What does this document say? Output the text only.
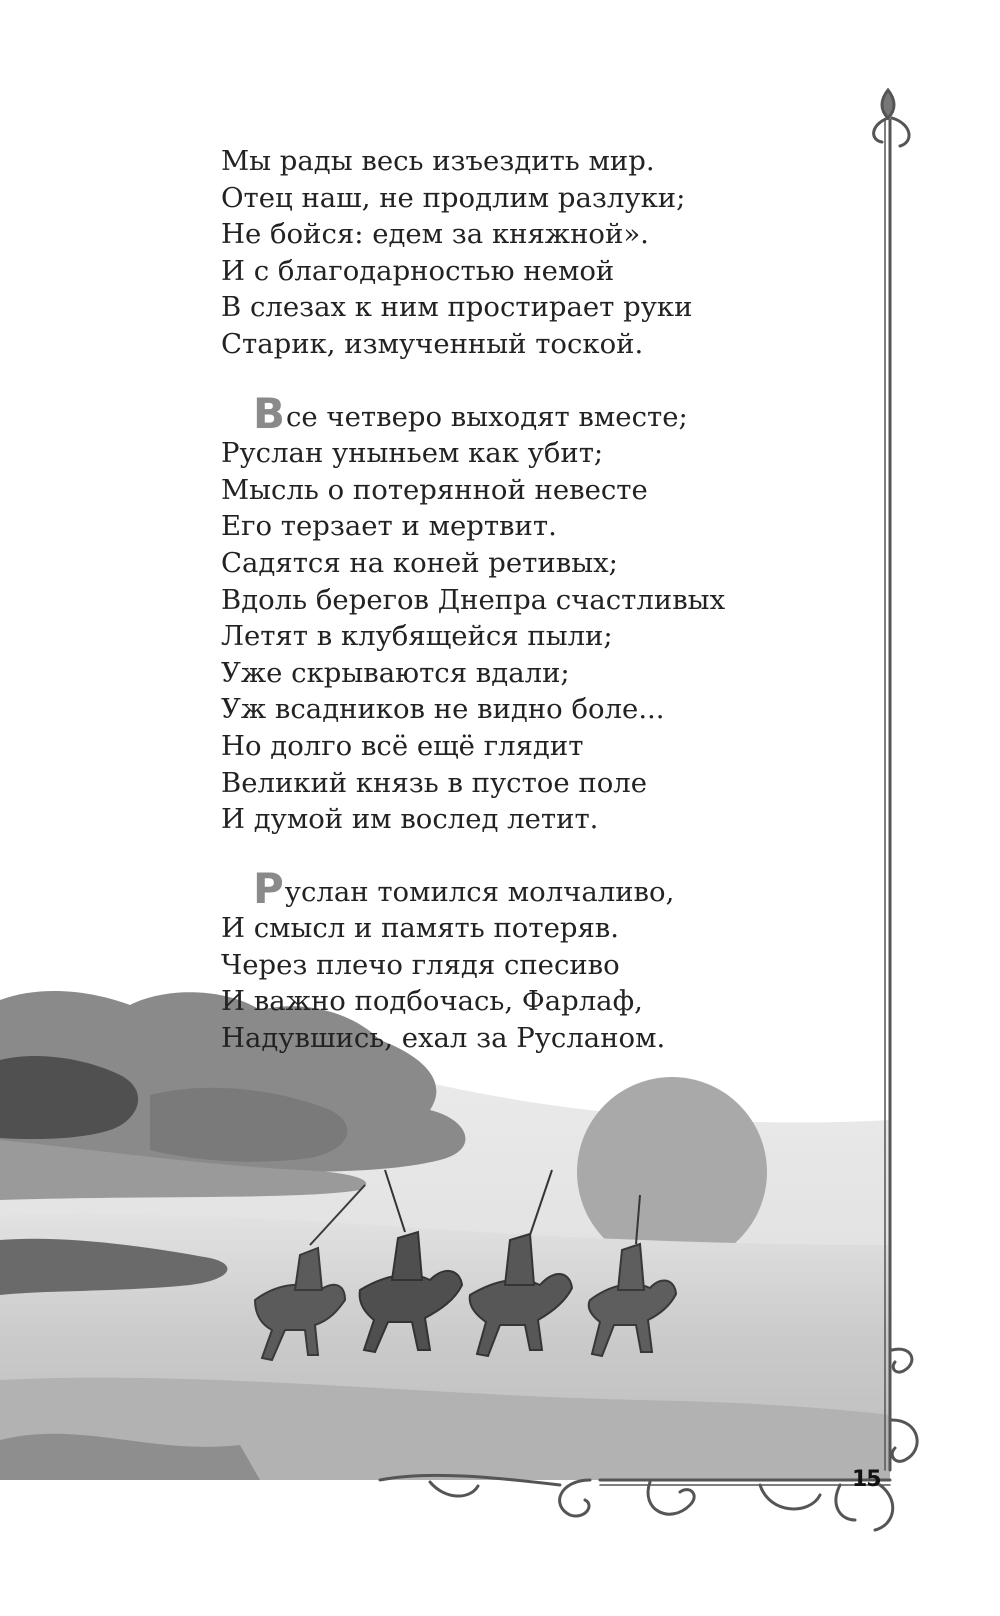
Мы рады весь изъездить мир.
Отец наш, не продлим разлуки;
Не бойся: едем за княжной».
И с благодарностью немой
В слезах к ним простирает руки
Старик, измученный тоской.
Все четверо выходят вместе;
Руслан уныньем как убит;
Мысль о потерянной невесте
Его терзает и мертвит.
Садятся на коней ретивых;
Вдоль берегов Днепра счастливых
Летят в клубящейся пыли;
Уже скрываются вдали;
Уж всадников не видно боле...
Но долго всё ещё глядит
Великий князь в пустое поле
И думой им вослед летит.
Руслан томился молчаливо,
И смысл и память потеряв.
Через плечо глядя спесиво
И важно подбочась, Фарлаф,
Надувшись, ехал за Русланом.
15
